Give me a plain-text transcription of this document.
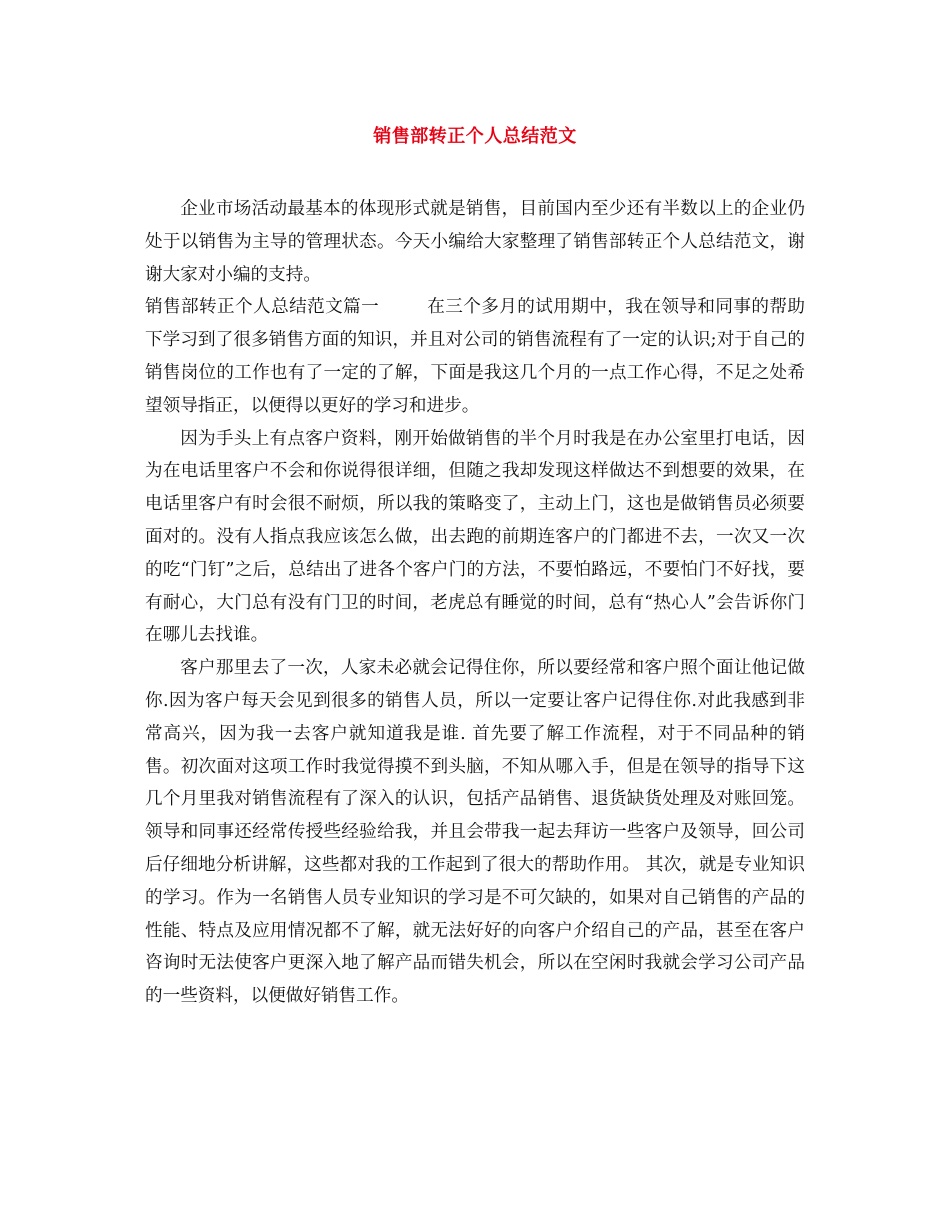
销售部转正个人总结范文

企业市场活动最基本的体现形式就是销售，目前国内至少还有半数以上的企业仍处于以销售为主导的管理状态。今天小编给大家整理了销售部转正个人总结范文，谢谢大家对小编的支持。

销售部转正个人总结范文篇一	在三个多月的试用期中，我在领导和同事的帮助下学习到了很多销售方面的知识，并且对公司的销售流程有了一定的认识;对于自己的销售岗位的工作也有了一定的了解，下面是我这几个月的一点工作心得，不足之处希望领导指正，以便得以更好的学习和进步。

因为手头上有点客户资料，刚开始做销售的半个月时我是在办公室里打电话，因为在电话里客户不会和你说得很详细，但随之我却发现这样做达不到想要的效果，在电话里客户有时会很不耐烦，所以我的策略变了，主动上门，这也是做销售员必须要面对的。没有人指点我应该怎么做，出去跑的前期连客户的门都进不去，一次又一次的吃“门钉”之后，总结出了进各个客户门的方法，不要怕路远，不要怕门不好找，要有耐心，大门总有没有门卫的时间，老虎总有睡觉的时间，总有“热心人”会告诉你门在哪儿去找谁。

客户那里去了一次，人家未必就会记得住你，所以要经常和客户照个面让他记做你.因为客户每天会见到很多的销售人员，所以一定要让客户记得住你.对此我感到非常高兴，因为我一去客户就知道我是谁. 首先要了解工作流程，对于不同品种的销售。初次面对这项工作时我觉得摸不到头脑，不知从哪入手，但是在领导的指导下这几个月里我对销售流程有了深入的认识，包括产品销售、退货缺货处理及对账回笼。领导和同事还经常传授些经验给我，并且会带我一起去拜访一些客户及领导，回公司后仔细地分析讲解，这些都对我的工作起到了很大的帮助作用。 其次，就是专业知识的学习。作为一名销售人员专业知识的学习是不可欠缺的，如果对自己销售的产品的性能、特点及应用情况都不了解，就无法好好的向客户介绍自己的产品，甚至在客户咨询时无法使客户更深入地了解产品而错失机会，所以在空闲时我就会学习公司产品的一些资料，以便做好销售工作。
